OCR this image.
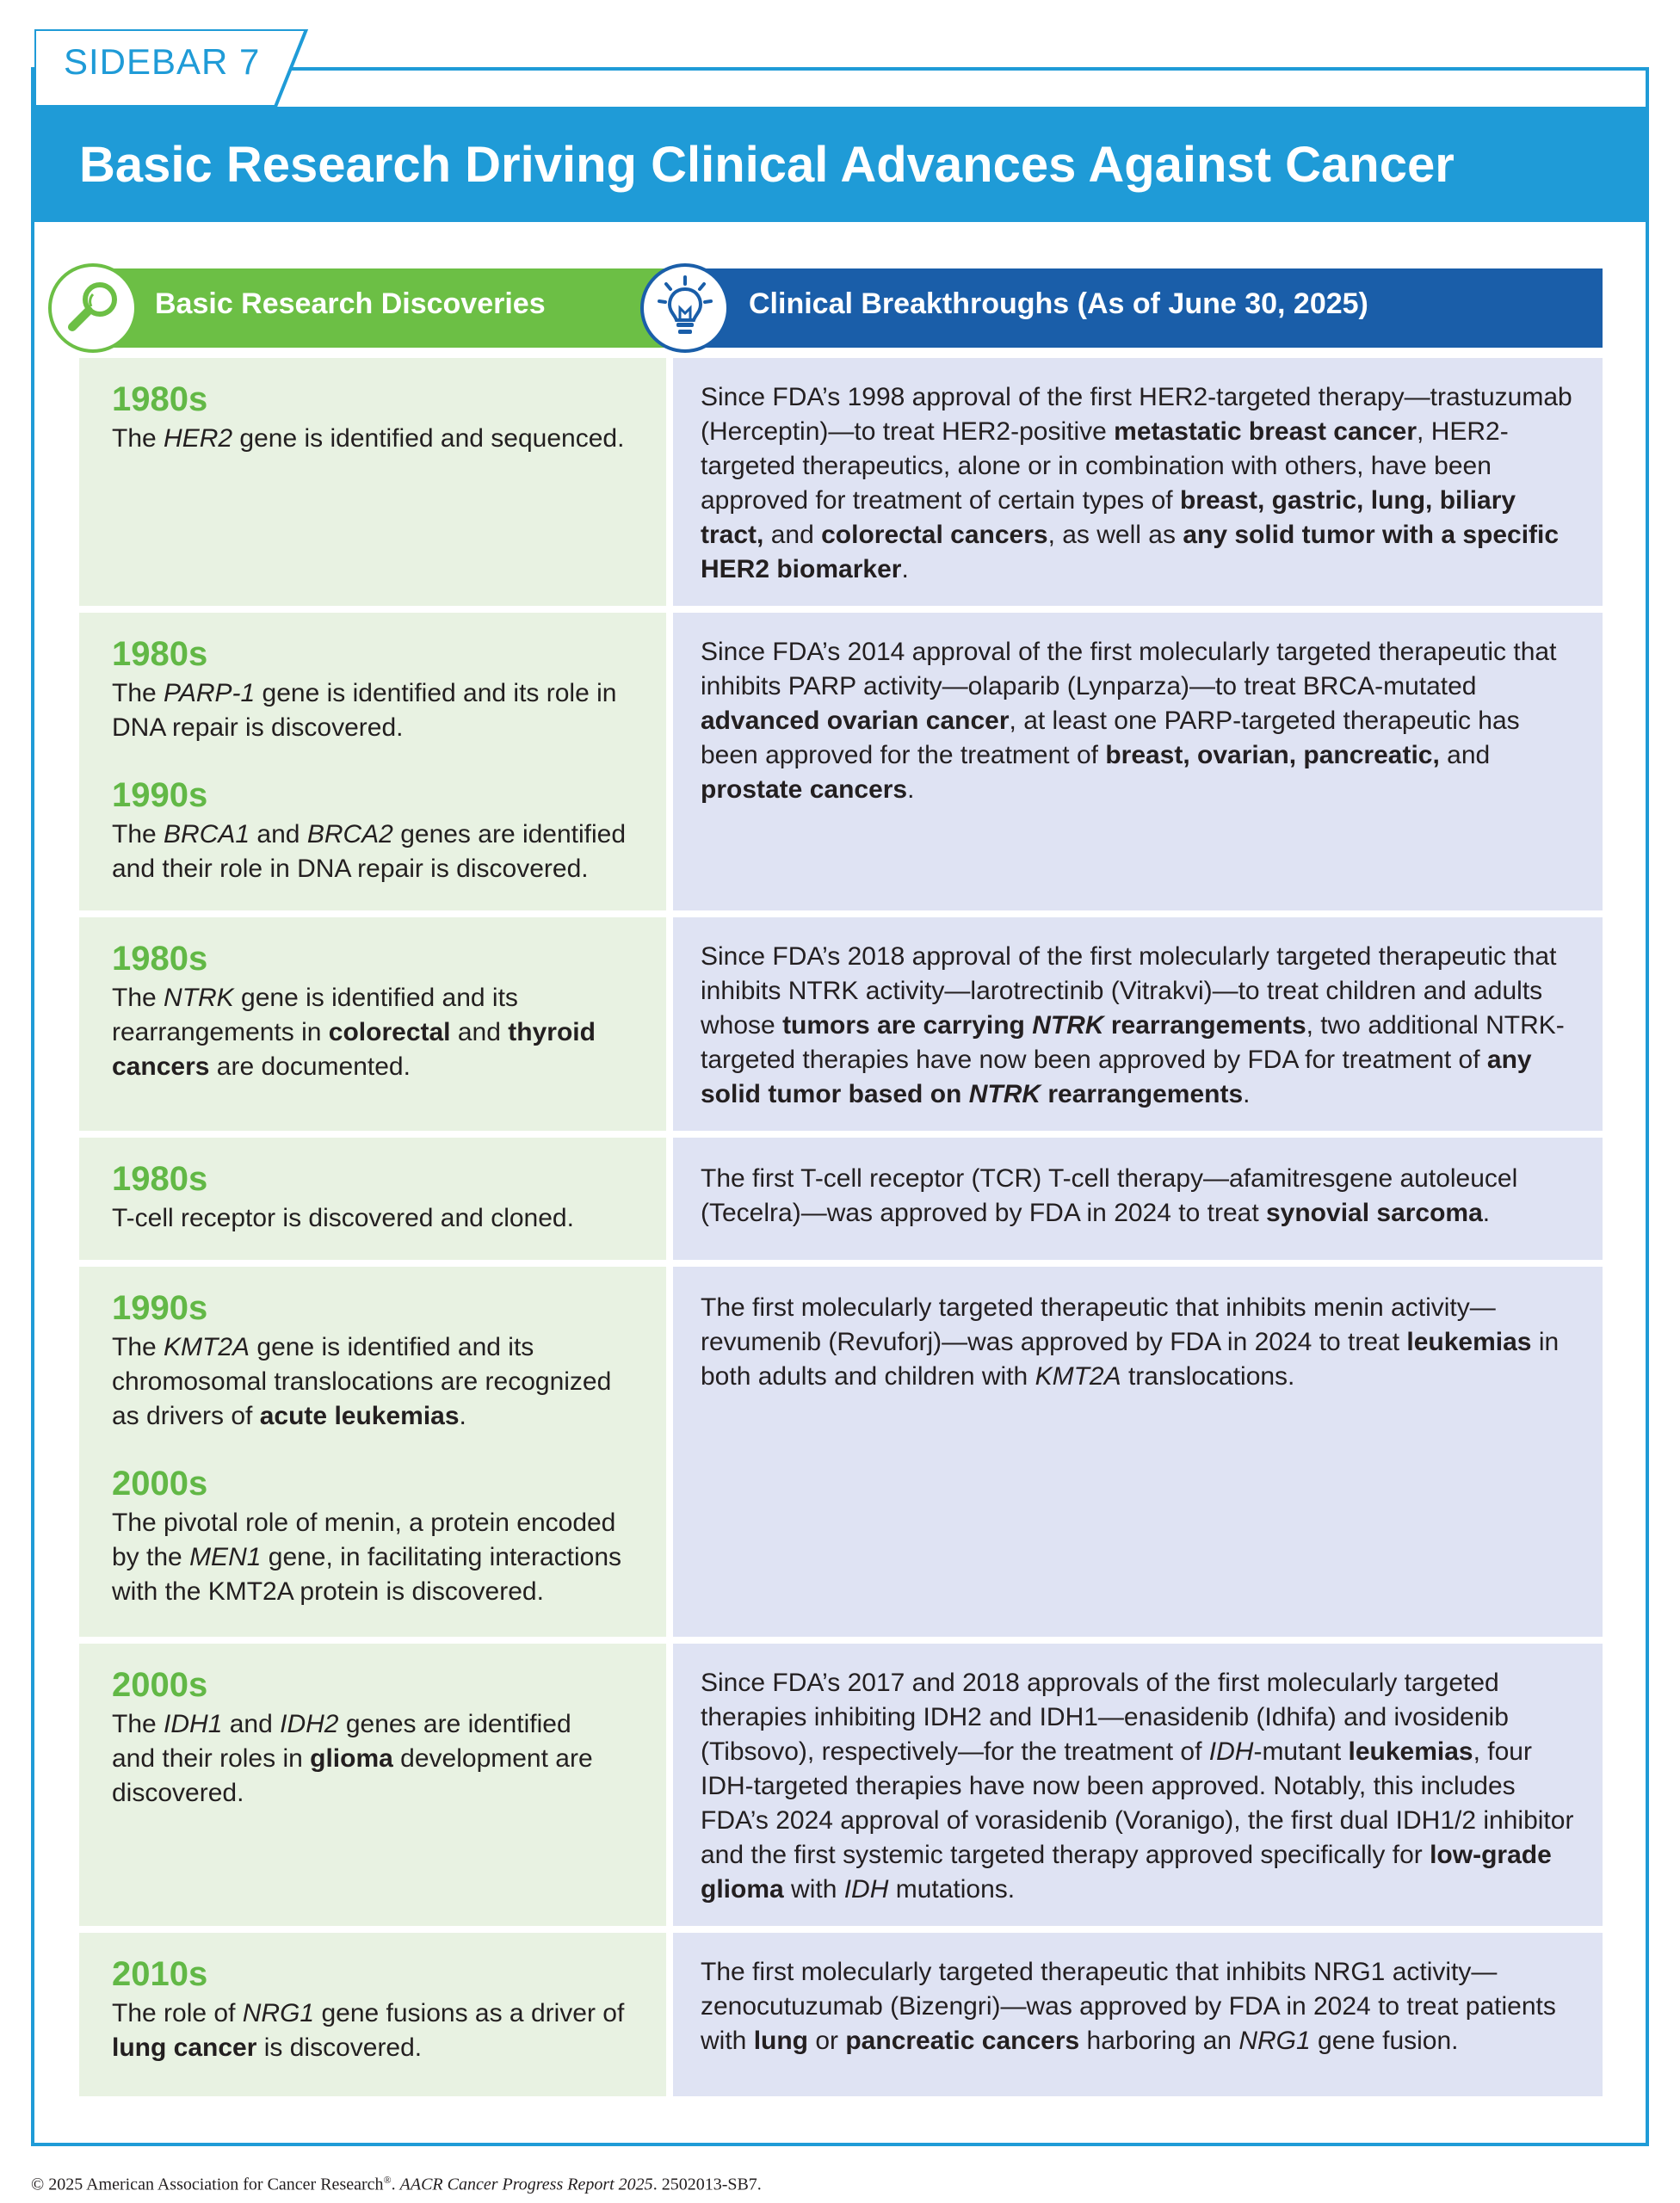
SIDEBAR 7
Basic Research Driving Clinical Advances Against Cancer
Basic Research Discoveries	Clinical Breakthroughs (As of June 30, 2025)
1980s
The HER2 gene is identified and sequenced.
Since FDA’s 1998 approval of the first HER2-targeted therapy—trastuzumab (Herceptin)—to treat HER2-positive metastatic breast cancer, HER2-targeted therapeutics, alone or in combination with others, have been approved for treatment of certain types of breast, gastric, lung, biliary tract, and colorectal cancers, as well as any solid tumor with a specific HER2 biomarker.
1980s
The PARP-1 gene is identified and its role in DNA repair is discovered.
1990s
The BRCA1 and BRCA2 genes are identified and their role in DNA repair is discovered.
Since FDA’s 2014 approval of the first molecularly targeted therapeutic that inhibits PARP activity—olaparib (Lynparza)—to treat BRCA-mutated advanced ovarian cancer, at least one PARP-targeted therapeutic has been approved for the treatment of breast, ovarian, pancreatic, and prostate cancers.
1980s
The NTRK gene is identified and its rearrangements in colorectal and thyroid cancers are documented.
Since FDA’s 2018 approval of the first molecularly targeted therapeutic that inhibits NTRK activity—larotrectinib (Vitrakvi)—to treat children and adults whose tumors are carrying NTRK rearrangements, two additional NTRK-targeted therapies have now been approved by FDA for treatment of any solid tumor based on NTRK rearrangements.
1980s
T-cell receptor is discovered and cloned.
The first T-cell receptor (TCR) T-cell therapy—afamitresgene autoleucel (Tecelra)—was approved by FDA in 2024 to treat synovial sarcoma.
1990s
The KMT2A gene is identified and its chromosomal translocations are recognized as drivers of acute leukemias.
2000s
The pivotal role of menin, a protein encoded by the MEN1 gene, in facilitating interactions with the KMT2A protein is discovered.
The first molecularly targeted therapeutic that inhibits menin activity—revumenib (Revuforj)—was approved by FDA in 2024 to treat leukemias in both adults and children with KMT2A translocations.
2000s
The IDH1 and IDH2 genes are identified and their roles in glioma development are discovered.
Since FDA’s 2017 and 2018 approvals of the first molecularly targeted therapies inhibiting IDH2 and IDH1—enasidenib (Idhifa) and ivosidenib (Tibsovo), respectively—for the treatment of IDH-mutant leukemias, four IDH-targeted therapies have now been approved. Notably, this includes FDA’s 2024 approval of vorasidenib (Voranigo), the first dual IDH1/2 inhibitor and the first systemic targeted therapy approved specifically for low-grade glioma with IDH mutations.
2010s
The role of NRG1 gene fusions as a driver of lung cancer is discovered.
The first molecularly targeted therapeutic that inhibits NRG1 activity—zenocutuzumab (Bizengri)—was approved by FDA in 2024 to treat patients with lung or pancreatic cancers harboring an NRG1 gene fusion.
© 2025 American Association for Cancer Research®. AACR Cancer Progress Report 2025. 2502013-SB7.
